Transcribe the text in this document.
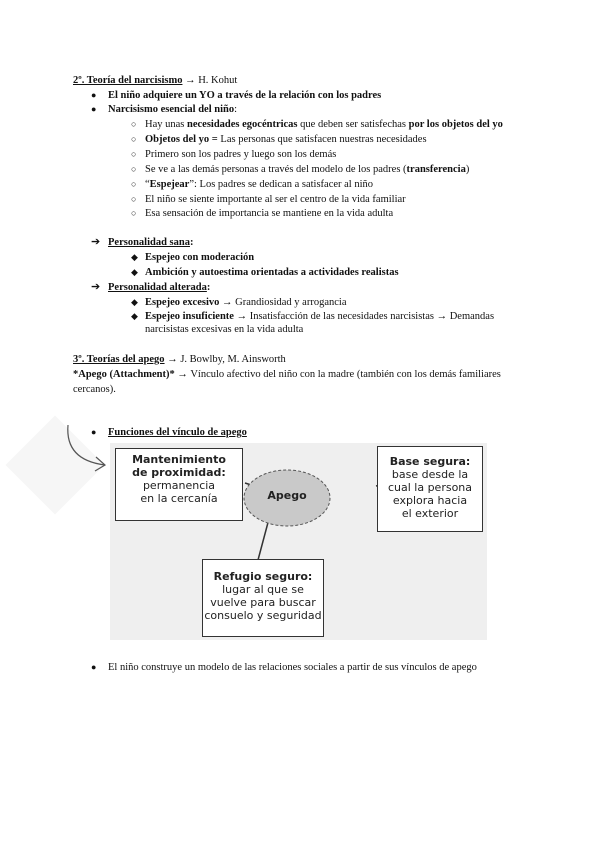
2º. Teoría del narcisismo → H. Kohut
● El niño adquiere un YO a través de la relación con los padres
● Narcisismo esencial del niño:
○ Hay unas necesidades egocéntricas que deben ser satisfechas por los objetos del yo
○ Objetos del yo = Las personas que satisfacen nuestras necesidades
○ Primero son los padres y luego son los demás
○ Se ve a las demás personas a través del modelo de los padres (transferencia)
○ “Espejear”: Los padres se dedican a satisfacer al niño
○ El niño se siente importante al ser el centro de la vida familiar
○ Esa sensación de importancia se mantiene en la vida adulta
➔ Personalidad sana:
◆ Espejeo con moderación
◆ Ambición y autoestima orientadas a actividades realistas
➔ Personalidad alterada:
◆ Espejeo excesivo → Grandiosidad y arrogancia
◆ Espejeo insuficiente → Insatisfacción de las necesidades narcisistas → Demandas
narcisistas excesivas en la vida adulta
3º. Teorías del apego → J. Bowlby, M. Ainsworth
*Apego (Attachment)* → Vínculo afectivo del niño con la madre (también con los demás familiares
cercanos).
● Funciones del vínculo de apego
Apego
Mantenimiento
de proximidad:
permanencia
en la cercanía
Base segura:
base desde la
cual la persona
explora hacia
el exterior
Refugio seguro:
lugar al que se
vuelve para buscar
consuelo y seguridad
● El niño construye un modelo de las relaciones sociales a partir de sus vínculos de apego
